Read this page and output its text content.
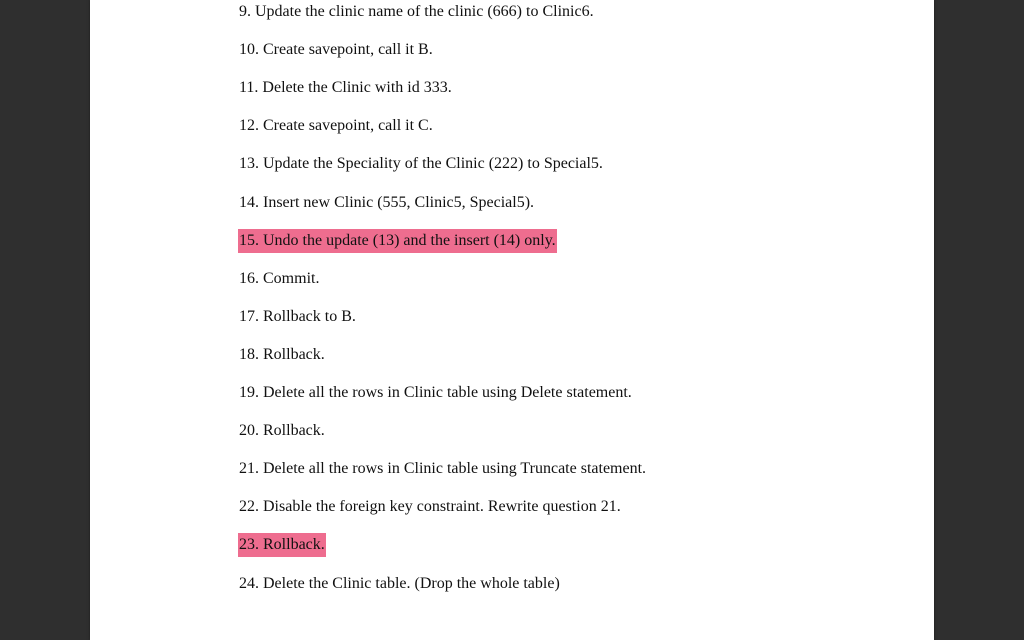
9. Update the clinic name of the clinic (666) to Clinic6.
10. Create savepoint, call it B.
11. Delete the Clinic with id 333.
12. Create savepoint, call it C.
13. Update the Speciality of the Clinic (222) to Special5.
14. Insert new Clinic (555, Clinic5, Special5).
15. Undo the update (13) and the insert (14) only.
16. Commit.
17. Rollback to B.
18. Rollback.
19. Delete all the rows in Clinic table using Delete statement.
20. Rollback.
21. Delete all the rows in Clinic table using Truncate statement.
22. Disable the foreign key constraint. Rewrite question 21.
23. Rollback.
24. Delete the Clinic table. (Drop the whole table)
